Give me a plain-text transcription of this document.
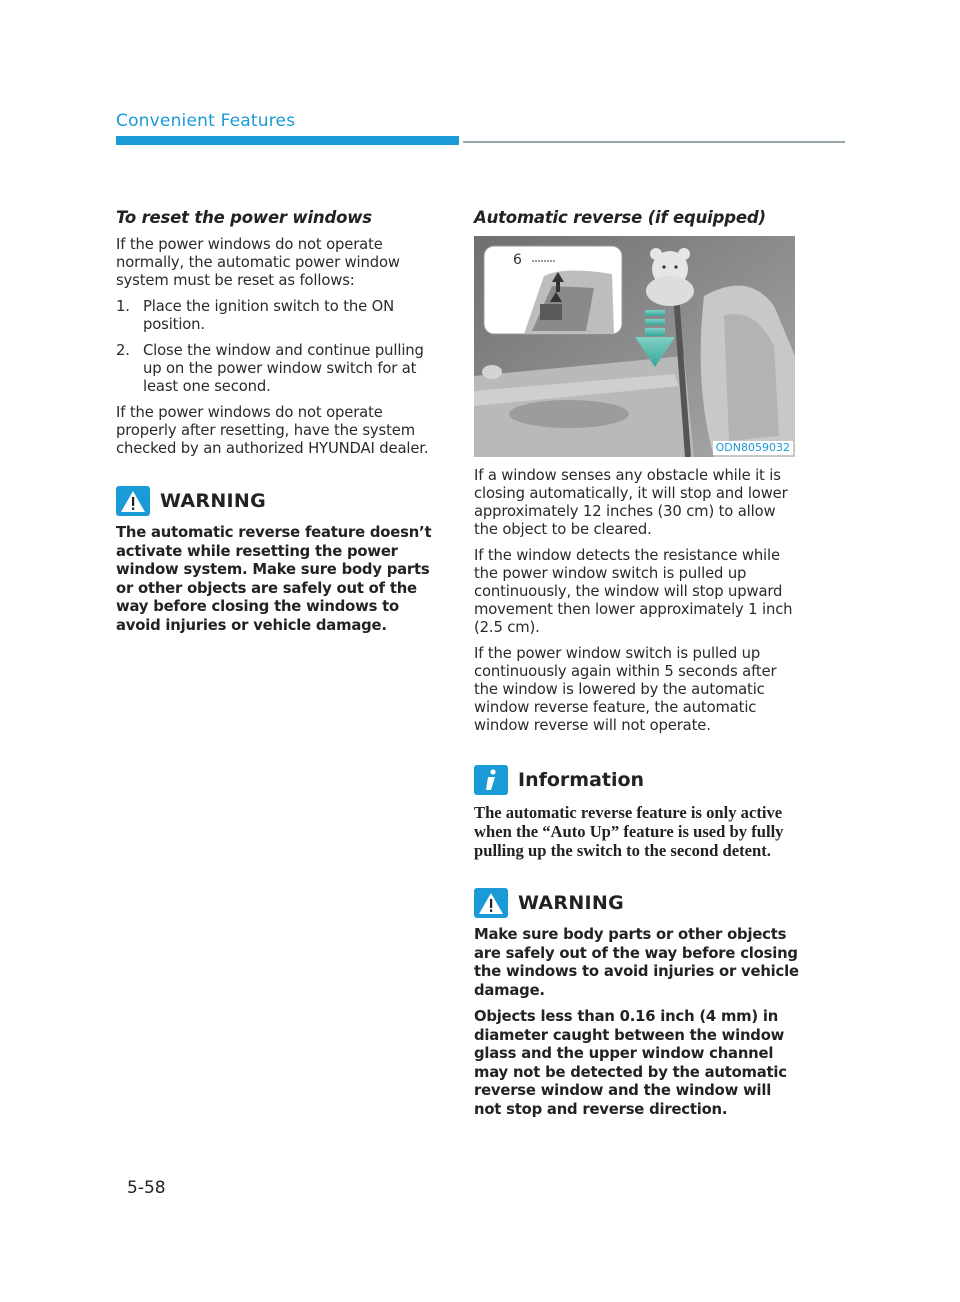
Convenient Features
To reset the power windows

If the power windows do not operate normally, the automatic power window system must be reset as follows:

1. Place the ignition switch to the ON position.
2. Close the window and continue pulling up on the power window switch for at least one second.

If the power windows do not operate properly after resetting, have the system checked by an authorized HYUNDAI dealer.

WARNING

The automatic reverse feature doesn’t activate while resetting the power window system. Make sure body parts or other objects are safely out of the way before closing the windows to avoid injuries or vehicle damage.

Automatic reverse (if equipped)
6
ODN8059032

If a window senses any obstacle while it is closing automatically, it will stop and lower approximately 12 inches (30 cm) to allow the object to be cleared.

If the window detects the resistance while the power window switch is pulled up continuously, the window will stop upward movement then lower approximately 1 inch (2.5 cm).

If the power window switch is pulled up continuously again within 5 seconds after the window is lowered by the automatic window reverse feature, the automatic window reverse will not operate.

Information

The automatic reverse feature is only active when the “Auto Up” feature is used by fully pulling up the switch to the second detent.

WARNING

Make sure body parts or other objects are safely out of the way before closing the windows to avoid injuries or vehicle damage.

Objects less than 0.16 inch (4 mm) in diameter caught between the window glass and the upper window channel may not be detected by the automatic reverse window and the window will not stop and reverse direction.

5-58
